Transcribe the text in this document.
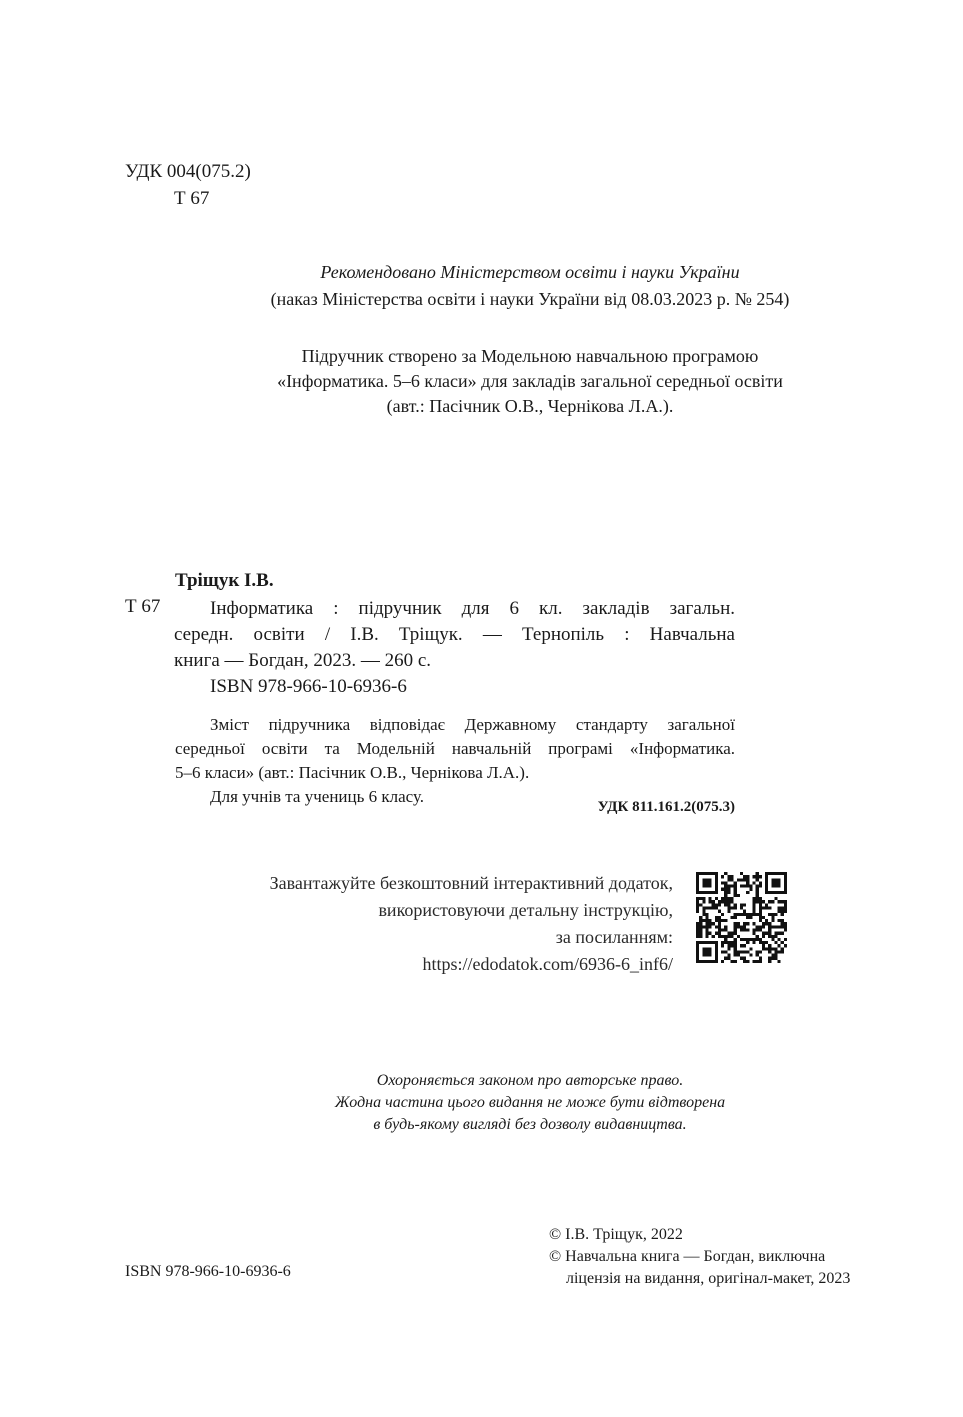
УДК 004(075.2)
Т 67
Рекомендовано Міністерством освіти і науки України
(наказ Міністерства освіти і науки України від 08.03.2023 р. № 254)
Підручник створено за Модельною навчальною програмою
«Інформатика. 5–6 класи» для закладів загальної середньої освіти
(авт.: Пасічник О.В., Чернікова Л.А.).
Тріщук І.В.
Т 67	Інформатика : підручник для 6 кл. закладів загальн.
середн. освіти / І.В. Тріщук. — Тернопіль : Навчальна
книга — Богдан, 2023. — 260 с.
ISBN 978-966-10-6936-6
Зміст підручника відповідає Державному стандарту загальної
середньої освіти та Модельній навчальній програмі «Інформатика.
5–6 класи» (авт.: Пасічник О.В., Чернікова Л.А.).
Для учнів та учениць 6 класу.
УДК 811.161.2(075.3)
Завантажуйте безкоштовний інтерактивний додаток,
використовуючи детальну інструкцію,
за посиланням:
https://edodatok.com/6936-6_inf6/
Охороняється законом про авторське право.
Жодна частина цього видання не може бути відтворена
в будь-якому вигляді без дозволу видавництва.
ISBN 978-966-10-6936-6
© І.В. Тріщук, 2022
© Навчальна книга — Богдан, виключна
ліцензія на видання, оригінал-макет, 2023
